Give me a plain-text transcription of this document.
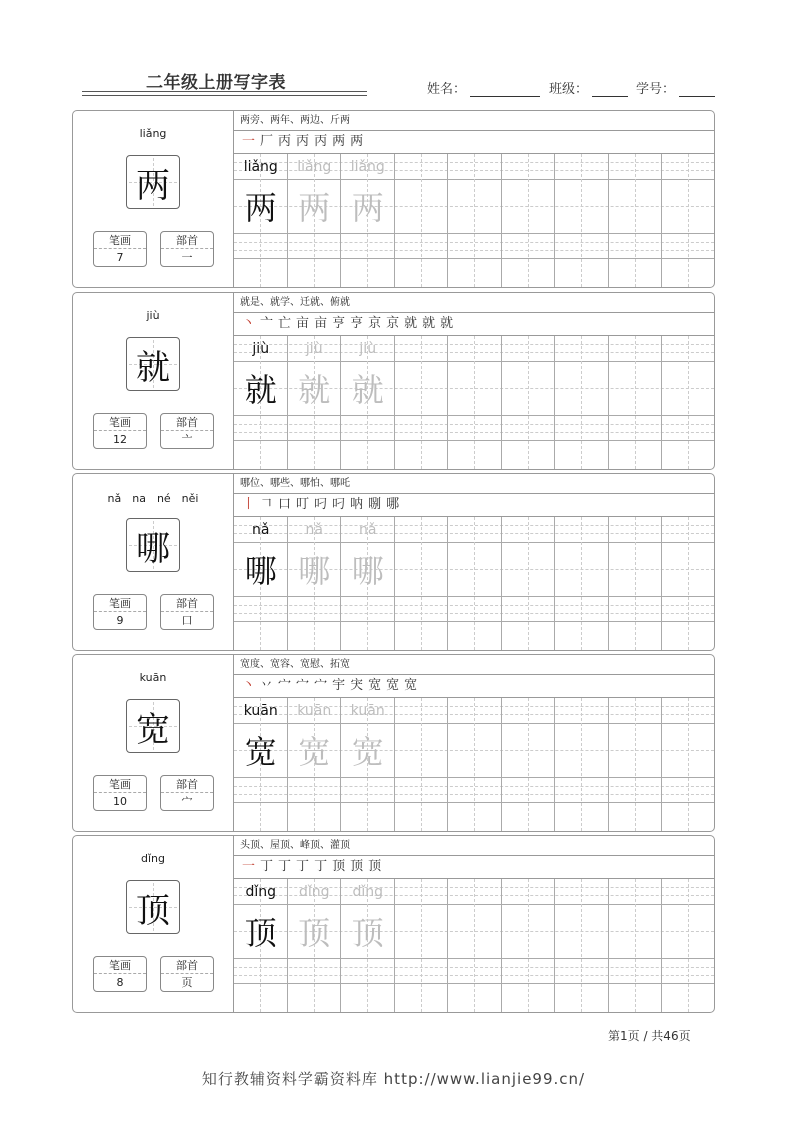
二年级上册写字表	姓名：	班级：	学号：
liǎng
两
笔画
7
部首
一
两旁、两年、两边、斤两
一 厂 丙 丙 丙 两 两
liǎng
两
liǎng
两
liǎng
两
jiù
就
笔画
12
部首
亠
就是、就学、迁就、俯就
丶 亠 亡 亩 亩 亨 亨 京 京 就 就 就
jiù
就
jiù
就
jiù
就
nǎ　na　né　něi
哪
笔画
9
部首
口
哪位、哪些、哪怕、哪吒
丨 𠃍 口 叮 叼 叼 呐 哵 哪
nǎ
哪
nǎ
哪
nǎ
哪
kuān
宽
笔画
10
部首
宀
宽度、宽容、宽慰、拓宽
丶 丷 宀 宀 宀 宇 宊 宽 宽 宽
kuān
宽
kuān
宽
kuān
宽
dǐng
顶
笔画
8
部首
页
头顶、屋顶、峰顶、灌顶
一 丁 丁 丁 丁 顶 顶 顶
dǐng
顶
dǐng
顶
dǐng
顶
第1页 / 共46页
知行教辅资料学霸资料库 http://www.lianjie99.cn/
